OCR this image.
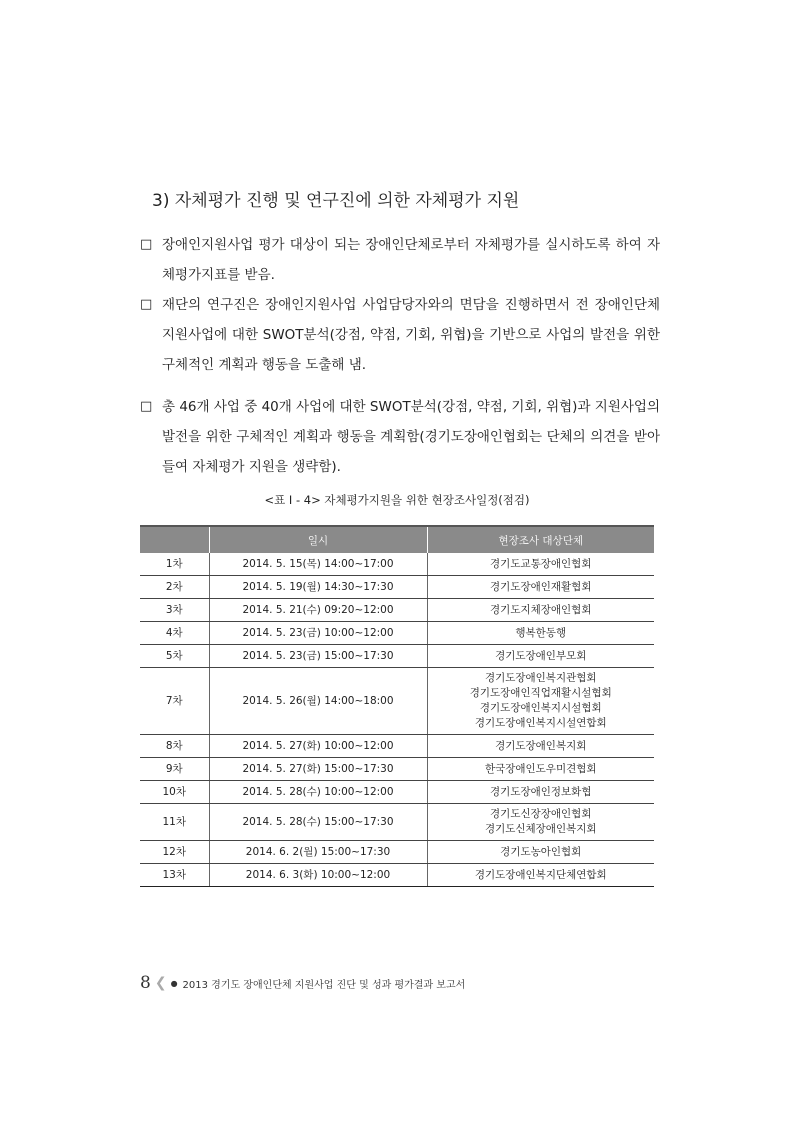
3) 자체평가 진행 및 연구진에 의한 자체평가 지원
□ 장애인지원사업 평가 대상이 되는 장애인단체로부터 자체평가를 실시하도록 하여 자체평가지표를 받음.
□ 재단의 연구진은 장애인지원사업 사업담당자와의 면담을 진행하면서 전 장애인단체 지원사업에 대한 SWOT분석(강점, 약점, 기회, 위협)을 기반으로 사업의 발전을 위한 구체적인 계획과 행동을 도출해 냄.
□ 총 46개 사업 중 40개 사업에 대한 SWOT분석(강점, 약점, 기회, 위협)과 지원사업의 발전을 위한 구체적인 계획과 행동을 계획함(경기도장애인협회는 단체의 의견을 받아들여 자체평가 지원을 생략함).
<표 Ⅰ - 4> 자체평가지원을 위한 현장조사일정(점검)
	일시	현장조사 대상단체
1차	2014. 5. 15(목) 14:00~17:00	경기도교통장애인협회

2차	2014. 5. 19(월) 14:30~17:30	경기도장애인재활협회

3차	2014. 5. 21(수) 09:20~12:00	경기도지체장애인협회

4차	2014. 5. 23(금) 10:00~12:00	행복한동행

5차	2014. 5. 23(금) 15:00~17:30	경기도장애인부모회

7차	2014. 5. 26(월) 14:00~18:00	경기도장애인복지관협회
경기도장애인직업재활시설협회
경기도장애인복지시설협회
경기도장애인복지시설연합회

8차	2014. 5. 27(화) 10:00~12:00	경기도장애인복지회

9차	2014. 5. 27(화) 15:00~17:30	한국장애인도우미견협회

10차	2014. 5. 28(수) 10:00~12:00	경기도장애인정보화협

11차	2014. 5. 28(수) 15:00~17:30	경기도신장장애인협회
경기도신체장애인복지회

12차	2014. 6. 2(월) 15:00~17:30	경기도농아인협회

13차	2014. 6. 3(화) 10:00~12:00	경기도장애인복지단체연합회
8 ❮ ● 2013 경기도 장애인단체 지원사업 진단 및 성과 평가결과 보고서
